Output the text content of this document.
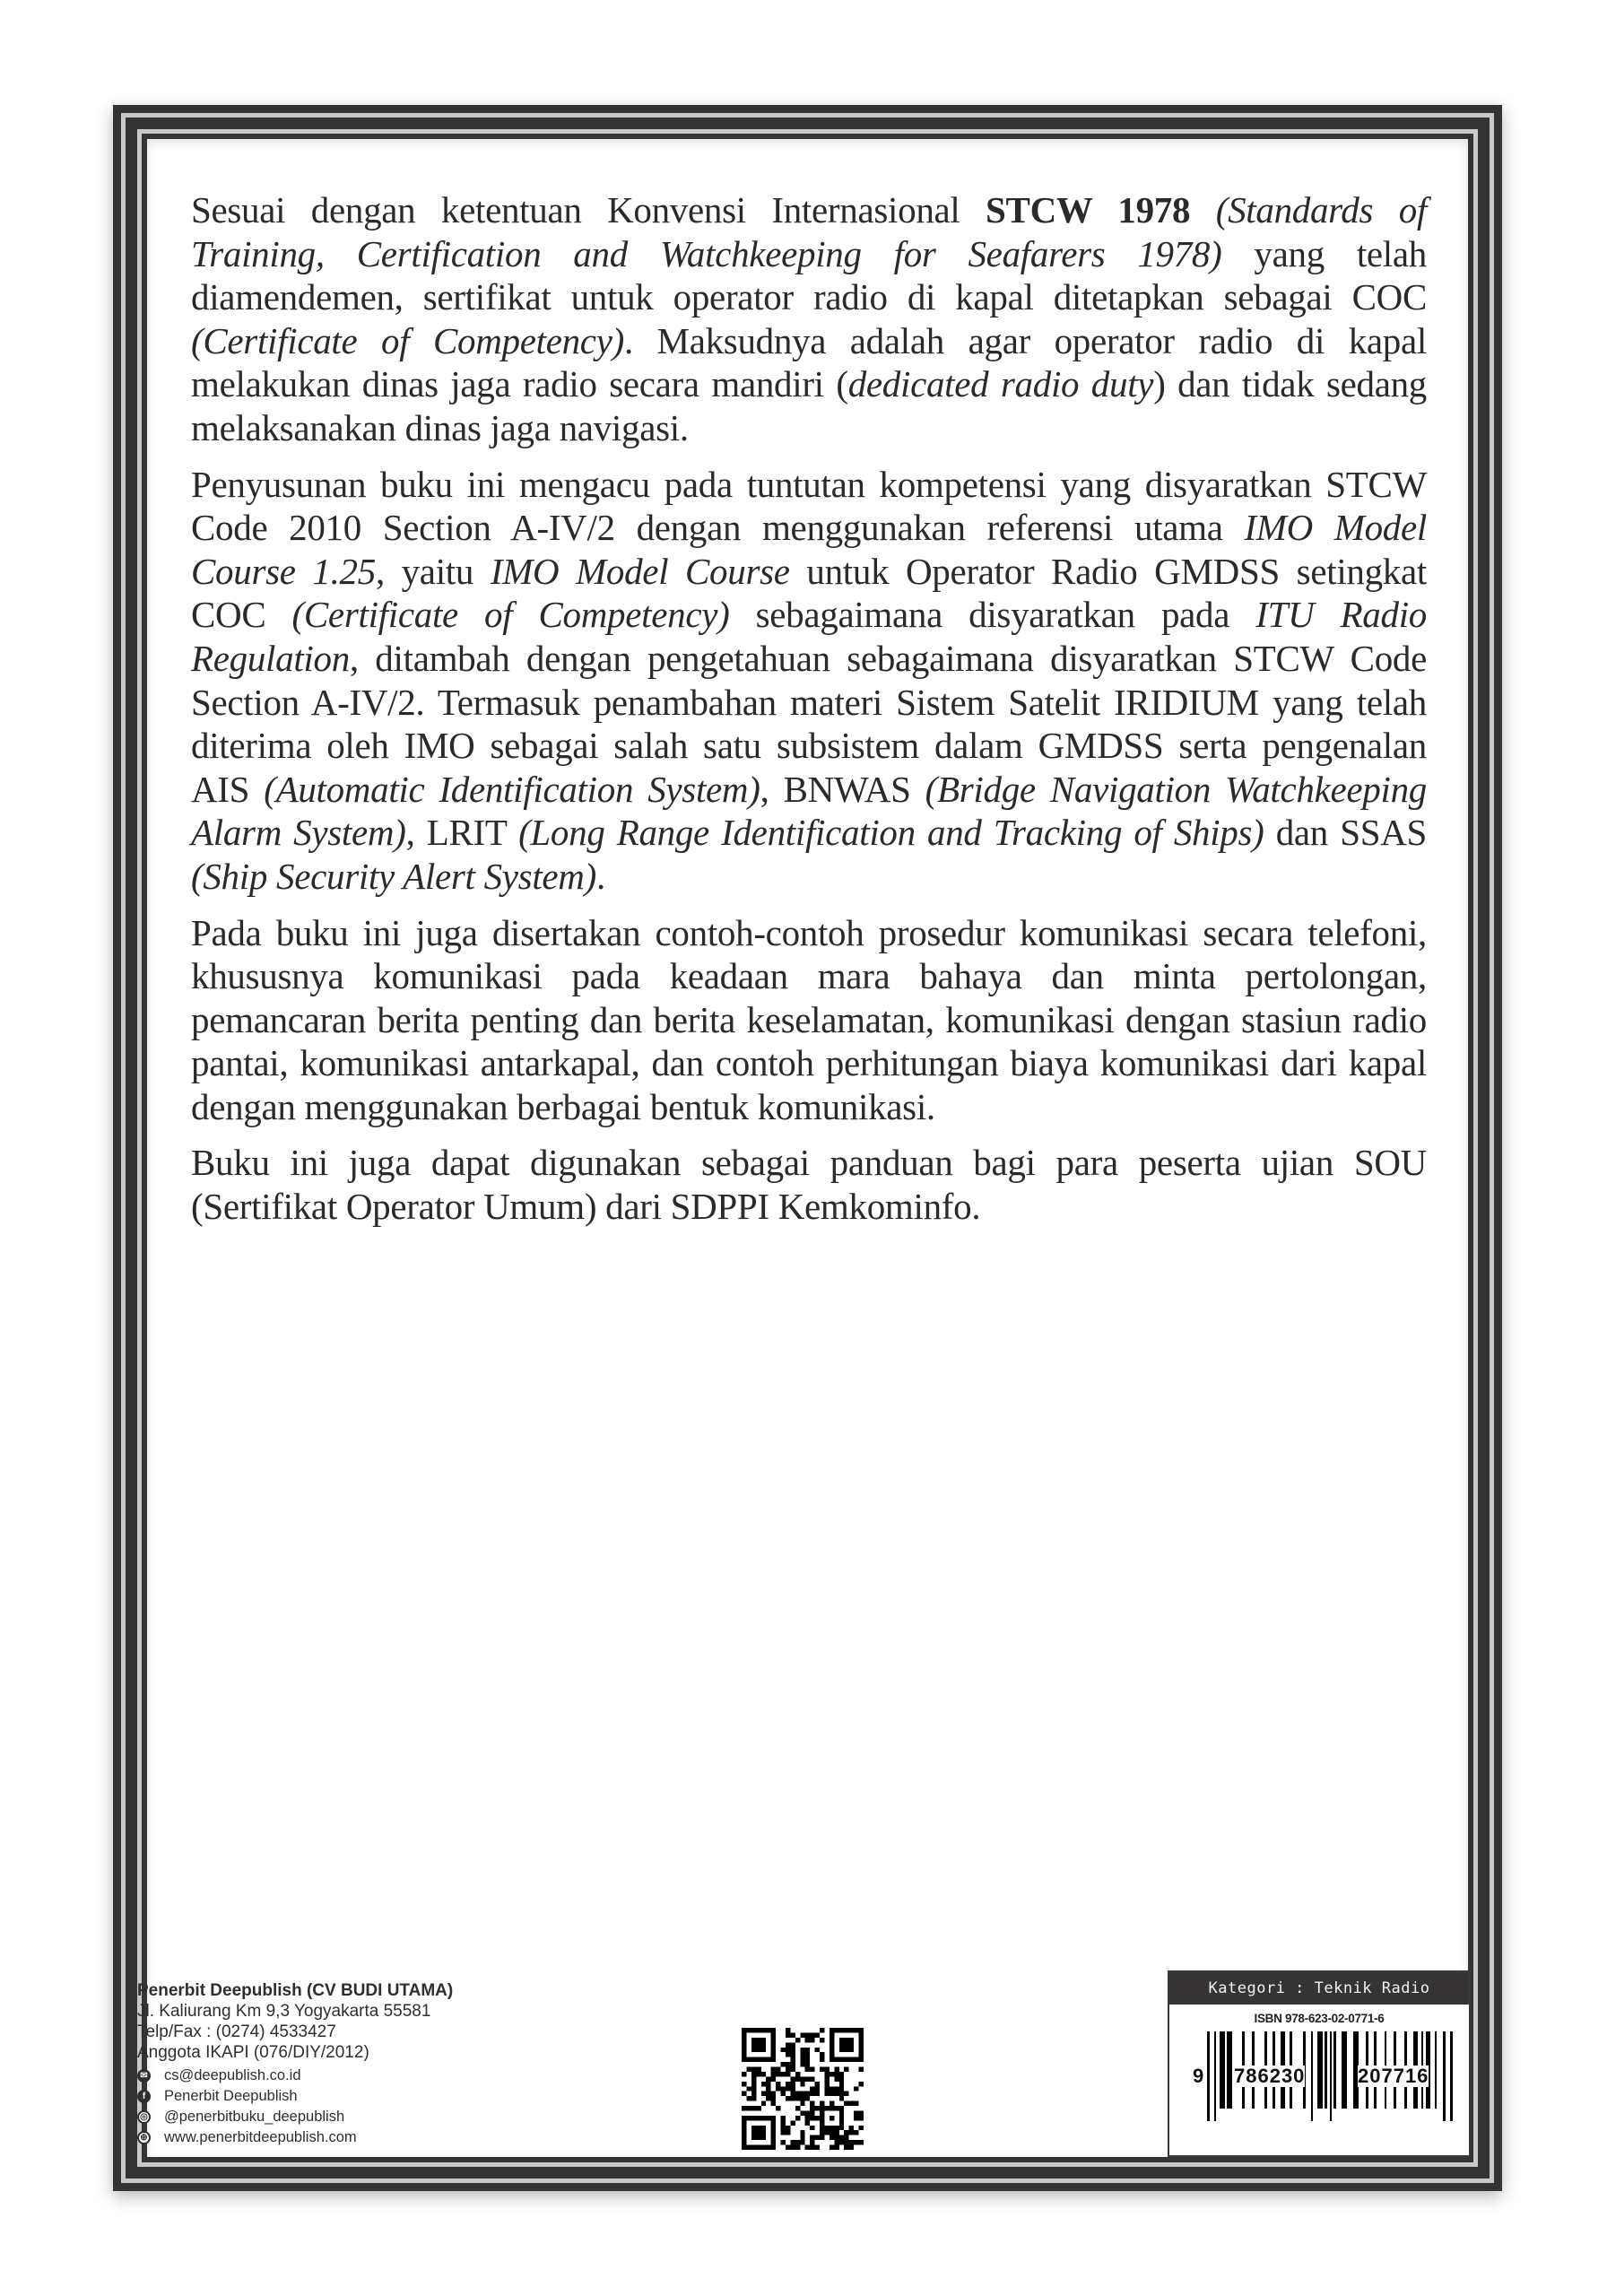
Sesuai dengan ketentuan Konvensi Internasional STCW 1978 (Standards of Training, Certification and Watchkeeping for Seafarers 1978) yang telah diamendemen, sertifikat untuk operator radio di kapal ditetapkan sebagai COC (Certificate of Competency). Maksudnya adalah agar operator radio di kapal melakukan dinas jaga radio secara mandiri (dedicated radio duty) dan tidak sedang melaksanakan dinas jaga navigasi.

Penyusunan buku ini mengacu pada tuntutan kompetensi yang disyaratkan STCW Code 2010 Section A-IV/2 dengan menggunakan referensi utama IMO Model Course 1.25, yaitu IMO Model Course untuk Operator Radio GMDSS setingkat COC (Certificate of Competency) sebagaimana disyaratkan pada ITU Radio Regulation, ditambah dengan pengetahuan sebagaimana disyaratkan STCW Code Section A-IV/2. Termasuk penambahan materi Sistem Satelit IRIDIUM yang telah diterima oleh IMO sebagai salah satu subsistem dalam GMDSS serta pengenalan AIS (Automatic Identification System), BNWAS (Bridge Navigation Watchkeeping Alarm System), LRIT (Long Range Identification and Tracking of Ships) dan SSAS (Ship Security Alert System).

Pada buku ini juga disertakan contoh-contoh prosedur komunikasi secara telefoni, khususnya komunikasi pada keadaan mara bahaya dan minta pertolongan, pemancaran berita penting dan berita keselamatan, komunikasi dengan stasiun radio pantai, komunikasi antarkapal, dan contoh perhitungan biaya komunikasi dari kapal dengan menggunakan berbagai bentuk komunikasi.

Buku ini juga dapat digunakan sebagai panduan bagi para peserta ujian SOU (Sertifikat Operator Umum) dari SDPPI Kemkominfo.

Penerbit Deepublish (CV BUDI UTAMA)
Jl. Kaliurang Km 9,3 Yogyakarta 55581
Telp/Fax : (0274) 4533427
Anggota IKAPI (076/DIY/2012)
✉ cs@deepublish.co.id
f	Penerbit Deepublish
◎ @penerbitbuku_deepublish
⊕ www.penerbitdeepublish.com
Kategori : Teknik Radio
ISBN 978-623-02-0771-6
9 786230	207716
